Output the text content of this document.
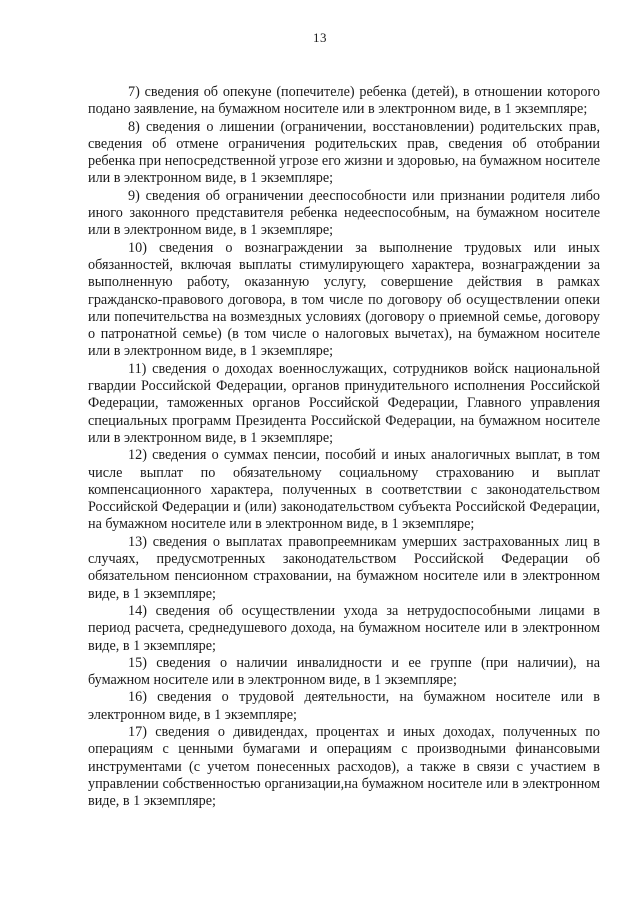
13

7) сведения об опекуне (попечителе) ребенка (детей), в отношении которого подано заявление, на бумажном носителе или в электронном виде, в 1 экземпляре;

8) сведения о лишении (ограничении, восстановлении) родительских прав, сведения об отмене ограничения родительских прав, сведения об отобрании ребенка при непосредственной угрозе его жизни и здоровью, на бумажном носителе или в электронном виде, в 1 экземпляре;

9) сведения об ограничении дееспособности или признании родителя либо иного законного представителя ребенка недееспособным, на бумажном носителе или в электронном виде, в 1 экземпляре;

10) сведения о вознаграждении за выполнение трудовых или иных обязанностей, включая выплаты стимулирующего характера, вознаграждении за выполненную работу, оказанную услугу, совершение действия в рамках гражданско-правового договора, в том числе по договору об осуществлении опеки или попечительства на возмездных условиях (договору о приемной семье, договору о патронатной семье) (в том числе о налоговых вычетах), на бумажном носителе или в электронном виде, в 1 экземпляре;

11) сведения о доходах военнослужащих, сотрудников войск национальной гвардии Российской Федерации, органов принудительного исполнения Российской Федерации, таможенных органов Российской Федерации, Главного управления специальных программ Президента Российской Федерации, на бумажном носителе или в электронном виде, в 1 экземпляре;

12) сведения о суммах пенсии, пособий и иных аналогичных выплат, в том числе выплат по обязательному социальному страхованию и выплат компенсационного характера, полученных в соответствии с законодательством Российской Федерации и (или) законодательством субъекта Российской Федерации, на бумажном носителе или в электронном виде, в 1 экземпляре;

13) сведения о выплатах правопреемникам умерших застрахованных лиц в случаях, предусмотренных законодательством Российской Федерации об обязательном пенсионном страховании, на бумажном носителе или в электронном виде, в 1 экземпляре;

14) сведения об осуществлении ухода за нетрудоспособными лицами в период расчета, среднедушевого дохода, на бумажном носителе или в электронном виде, в 1 экземпляре;

15) сведения о наличии инвалидности и ее группе (при наличии), на бумажном носителе или в электронном виде, в 1 экземпляре;

16) сведения о трудовой деятельности, на бумажном носителе или в электронном виде, в 1 экземпляре;

17) сведения о дивидендах, процентах и иных доходах, полученных по операциям с ценными бумагами и операциям с производными финансовыми инструментами (с учетом понесенных расходов), а также в связи с участием в управлении собственностью организации,на бумажном носителе или в электронном виде, в 1 экземпляре;
